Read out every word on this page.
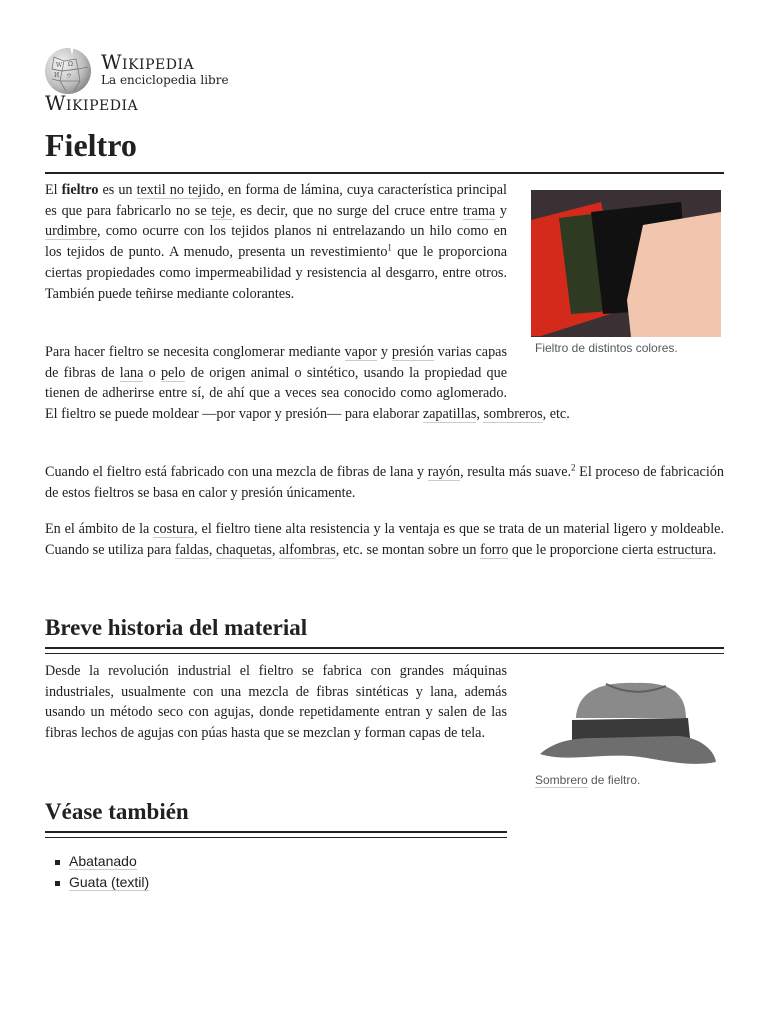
W Ω
ウ
И
Wikipedia
La enciclopedia libre
Wikipedia
Fieltro
Fieltro de distintos colores.

El fieltro es un textil no tejido, en forma de lámina, cuya característica principal es que para fabricarlo no se teje, es decir, que no surge del cruce entre trama y urdimbre, como ocurre con los tejidos planos ni entrelazando un hilo como en los tejidos de punto. A menudo, presenta un revestimiento$^1$ que le proporciona ciertas propiedades como impermeabilidad y resistencia al desgarro, entre otros. También puede teñirse mediante colorantes.

Para hacer fieltro se necesita conglomerar mediante vapor y presión varias capas de fibras de lana o pelo de origen animal o sintético, usando la propiedad que tienen de adherirse entre sí, de ahí que a veces sea conocido como aglomerado. El fieltro se puede moldear —por vapor y presión— para elaborar zapatillas, sombreros, etc.

Cuando el fieltro está fabricado con una mezcla de fibras de lana y rayón, resulta más suave.$^2$ El proceso de fabricación de estos fieltros se basa en calor y presión únicamente.

En el ámbito de la costura, el fieltro tiene alta resistencia y la ventaja es que se trata de un material ligero y moldeable. Cuando se utiliza para faldas, chaquetas, alfombras, etc. se montan sobre un forro que le proporcione cierta estructura.

Breve historia del material
Desde la revolución industrial el fieltro se fabrica con grandes máquinas industriales, usualmente con una mezcla de fibras sintéticas y lana, además usando un método seco con agujas, donde repetidamente entran y salen de las fibras lechos de agujas con púas hasta que se mezclan y forman capas de tela.
Sombrero de fieltro.
Véase también
Abatanado
Guata (textil)
